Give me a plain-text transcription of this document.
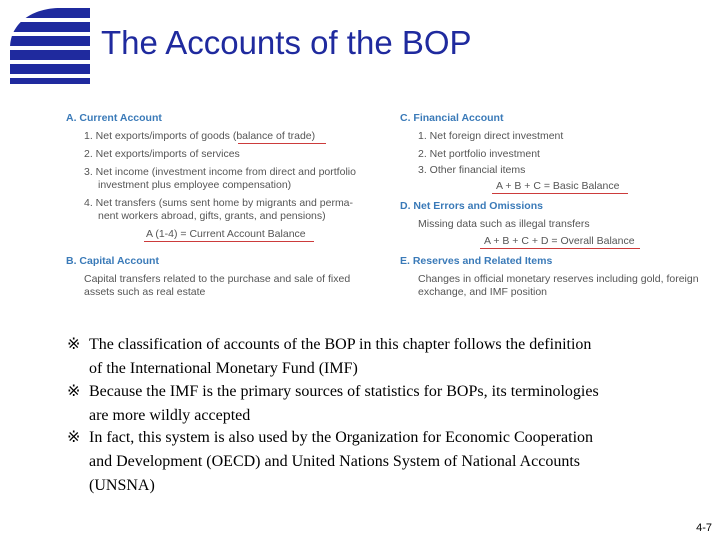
The Accounts of the BOP
A. Current Account
1. Net exports/imports of goods (balance of trade)
2. Net exports/imports of services
3. Net income (investment income from direct and portfolio
investment plus employee compensation)
4. Net transfers (sums sent home by migrants and perma-
nent workers abroad, gifts, grants, and pensions)
A (1-4) = Current Account Balance
B. Capital Account
Capital transfers related to the purchase and sale of fixed
assets such as real estate
C. Financial Account
1. Net foreign direct investment
2. Net portfolio investment
3. Other financial items
A + B + C = Basic Balance
D. Net Errors and Omissions
Missing data such as illegal transfers
A + B + C + D = Overall Balance
E. Reserves and Related Items
Changes in official monetary reserves including gold, foreign
exchange, and IMF position
※ The classification of accounts of the BOP in this chapter follows the definition
of the International Monetary Fund (IMF)
※ Because the IMF is the primary sources of statistics for BOPs, its terminologies
are more wildly accepted
※ In fact, this system is also used by the Organization for Economic Cooperation
and Development (OECD) and United Nations System of National Accounts
(UNSNA)
4-7
